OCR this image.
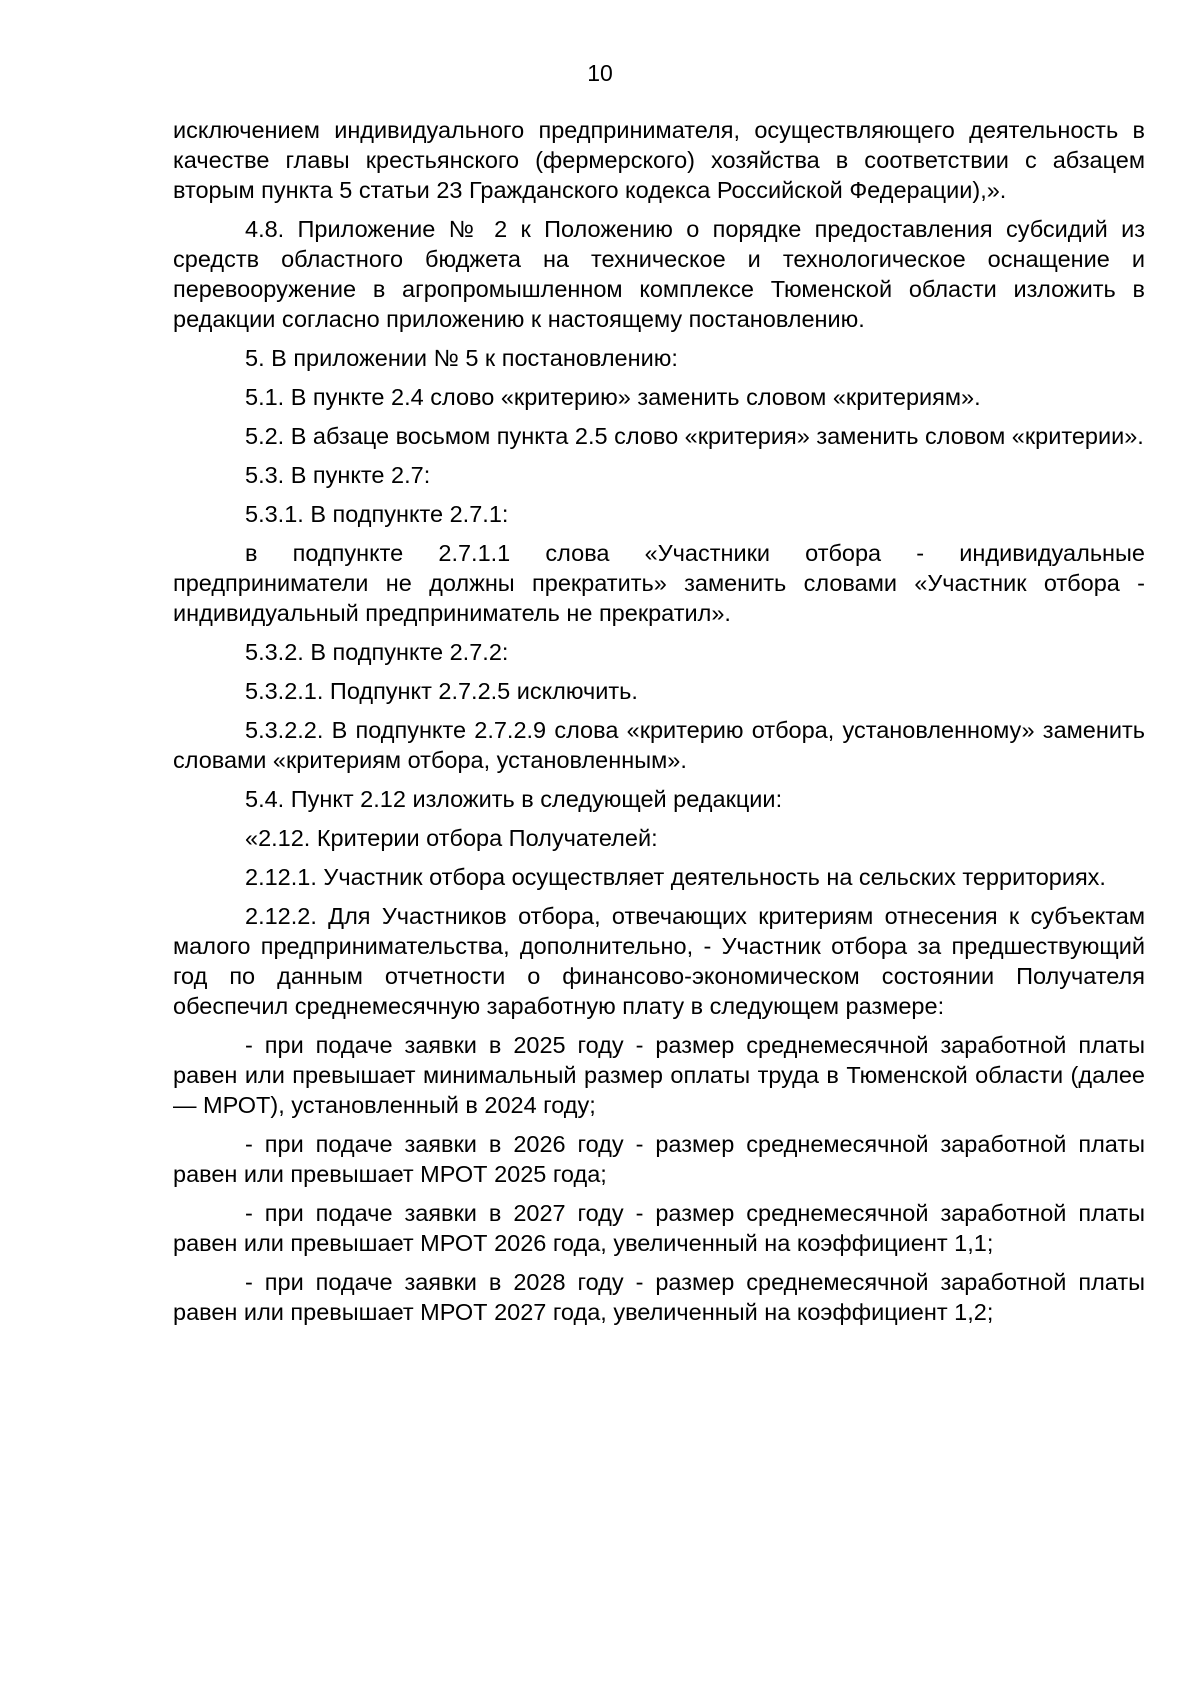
10

исключением индивидуального предпринимателя, осуществляющего деятельность в качестве главы крестьянского (фермерского) хозяйства в соответствии с абзацем вторым пункта 5 статьи 23 Гражданского кодекса Российской Федерации),».

4.8. Приложение № 2 к Положению о порядке предоставления субсидий из средств областного бюджета на техническое и технологическое оснащение и перевооружение в агропромышленном комплексе Тюменской области изложить в редакции согласно приложению к настоящему постановлению.

5. В приложении № 5 к постановлению:

5.1. В пункте 2.4 слово «критерию» заменить словом «критериям».

5.2. В абзаце восьмом пункта 2.5 слово «критерия» заменить словом «критерии».

5.3. В пункте 2.7:

5.3.1. В подпункте 2.7.1:

в подпункте 2.7.1.1 слова «Участники отбора - индивидуальные предприниматели не должны прекратить» заменить словами «Участник отбора - индивидуальный предприниматель не прекратил».

5.3.2. В подпункте 2.7.2:

5.3.2.1. Подпункт 2.7.2.5 исключить.

5.3.2.2. В подпункте 2.7.2.9 слова «критерию отбора, установленному» заменить словами «критериям отбора, установленным».

5.4. Пункт 2.12 изложить в следующей редакции:

«2.12. Критерии отбора Получателей:

2.12.1. Участник отбора осуществляет деятельность на сельских территориях.

2.12.2. Для Участников отбора, отвечающих критериям отнесения к субъектам малого предпринимательства, дополнительно, - Участник отбора за предшествующий год по данным отчетности о финансово-экономическом состоянии Получателя обеспечил среднемесячную заработную плату в следующем размере:

- при подаче заявки в 2025 году - размер среднемесячной заработной платы равен или превышает минимальный размер оплаты труда в Тюменской области (далее — МРОТ), установленный в 2024 году;

- при подаче заявки в 2026 году - размер среднемесячной заработной платы равен или превышает МРОТ 2025 года;

- при подаче заявки в 2027 году - размер среднемесячной заработной платы равен или превышает МРОТ 2026 года, увеличенный на коэффициент 1,1;

- при подаче заявки в 2028 году - размер среднемесячной заработной платы равен или превышает МРОТ 2027 года, увеличенный на коэффициент 1,2;
